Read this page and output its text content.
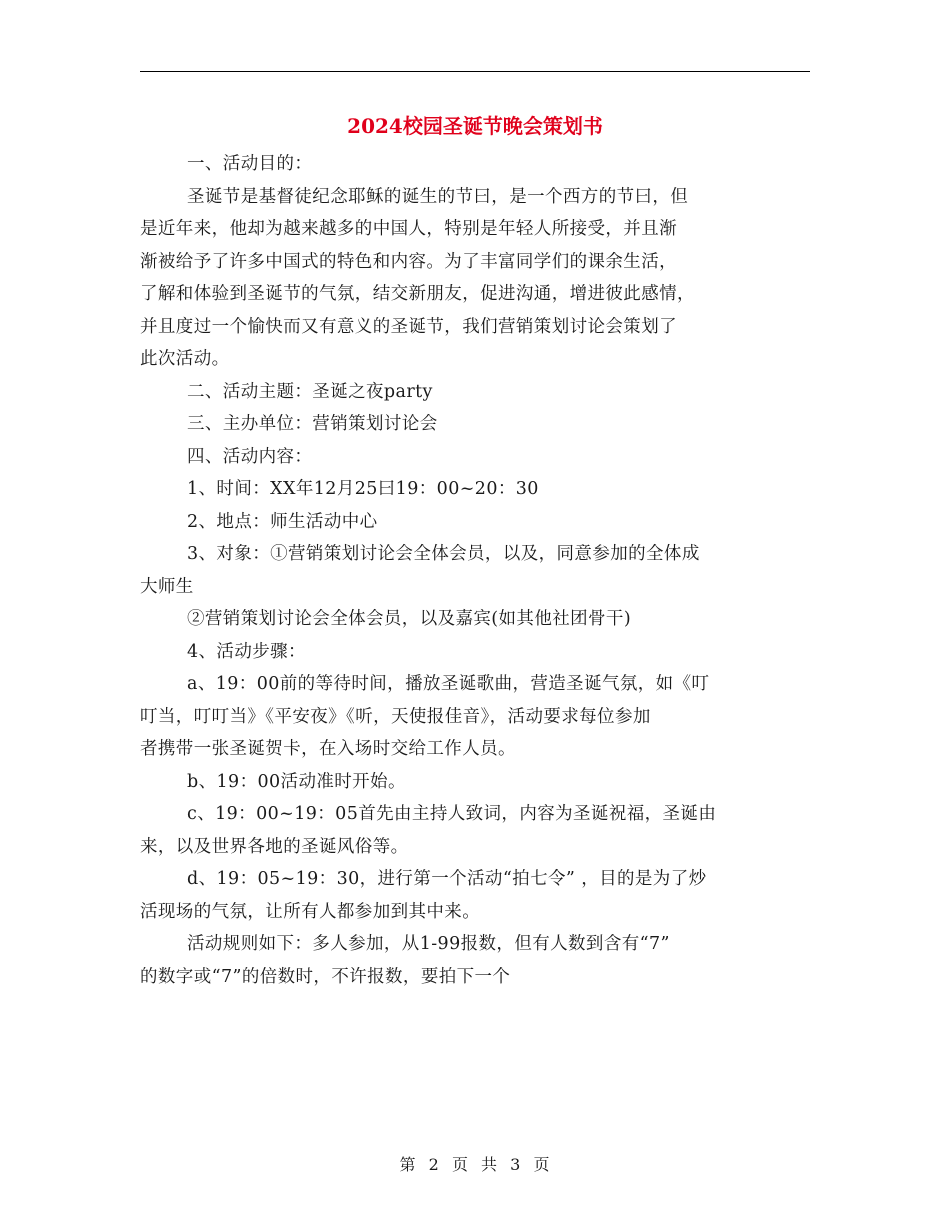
2024校园圣诞节晚会策划书

一、活动目的：

圣诞节是基督徒纪念耶稣的诞生的节曰，是一个西方的节曰，但
是近年来，他却为越来越多的中国人，特别是年轻人所接受，并且渐
渐被给予了许多中国式的特色和内容。为了丰富同学们的课余生活，
了解和体验到圣诞节的气氛，结交新朋友，促进沟通，增进彼此感情，
并且度过一个愉快而又有意义的圣诞节，我们营销策划讨论会策划了
此次活动。

二、活动主题：圣诞之夜party

三、主办单位：营销策划讨论会

四、活动内容：

1、时间：XX年12月25曰19：00~20：30

2、地点：师生活动中心

3、对象：①营销策划讨论会全体会员，以及，同意参加的全体成
大师生

②营销策划讨论会全体会员，以及嘉宾(如其他社团骨干)

4、活动步骤：

a、19：00前的等待时间，播放圣诞歌曲，营造圣诞气氛，如《叮
叮当，叮叮当》《平安夜》《听，天使报佳音》，活动要求每位参加
者携带一张圣诞贺卡，在入场时交给工作人员。

b、19：00活动准时开始。

c、19：00~19：05首先由主持人致词，内容为圣诞祝福，圣诞由
来，以及世界各地的圣诞风俗等。

d、19：05~19：30，进行第一个活动“拍七令” ，目的是为了炒
活现场的气氛，让所有人都参加到其中来。

活动规则如下：多人参加，从1-99报数，但有人数到含有“7”
的数字或“7”的倍数时，不许报数，要拍下一个

第 2 页 共 3 页
